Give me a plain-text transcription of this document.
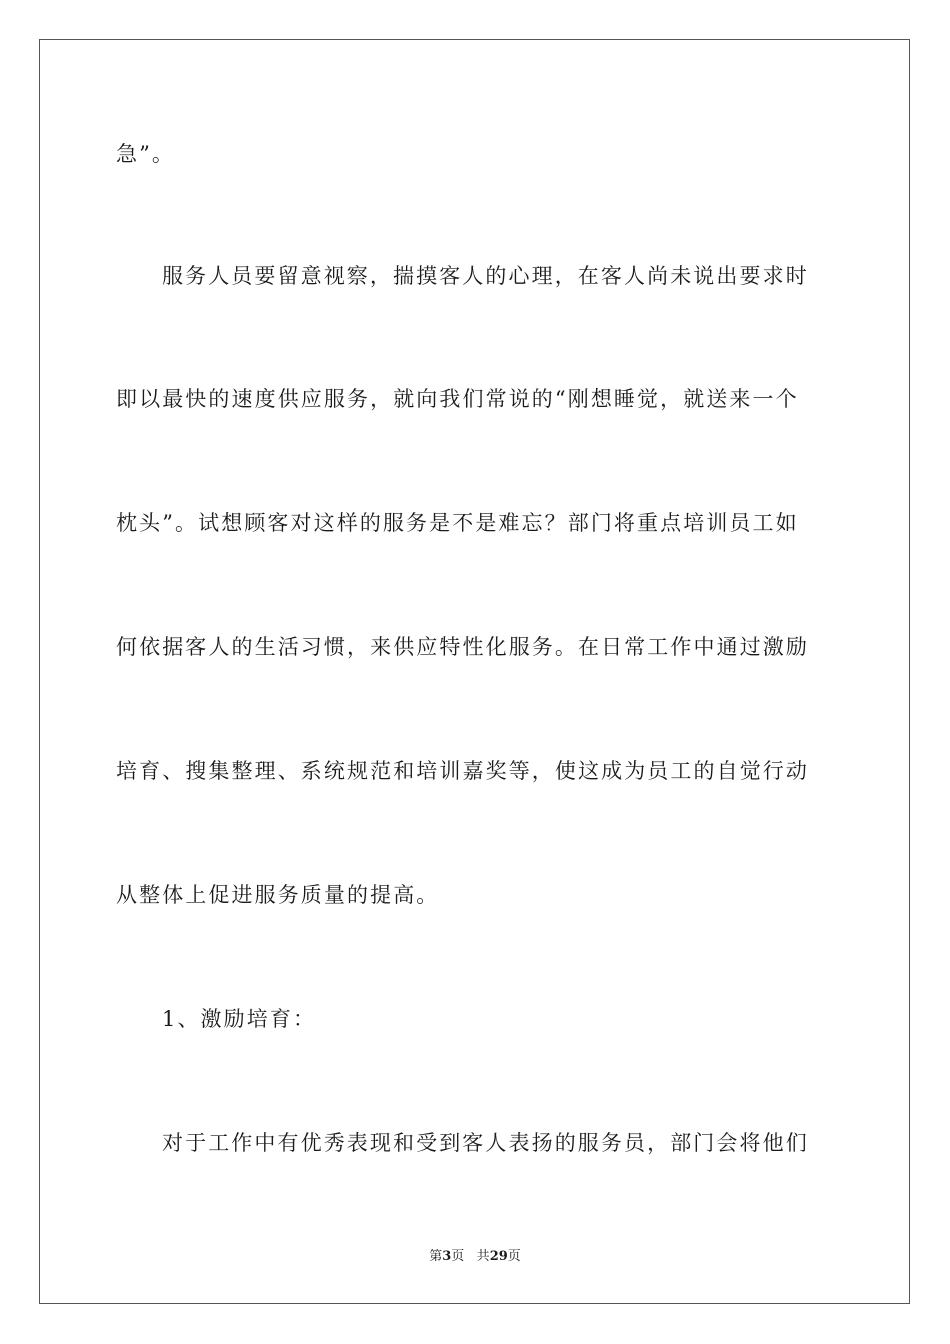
急”。
服务人员要留意视察，揣摸客人的心理，在客人尚未说出要求时
即以最快的速度供应服务，就向我们常说的“刚想睡觉，就送来一个
枕头”。试想顾客对这样的服务是不是难忘？部门将重点培训员工如
何依据客人的生活习惯，来供应特性化服务。在日常工作中通过激励
培育、搜集整理、系统规范和培训嘉奖等，使这成为员工的自觉行动
从整体上促进服务质量的提高。
1、激励培育：
对于工作中有优秀表现和受到客人表扬的服务员，部门会将他们
第3页 共29页
